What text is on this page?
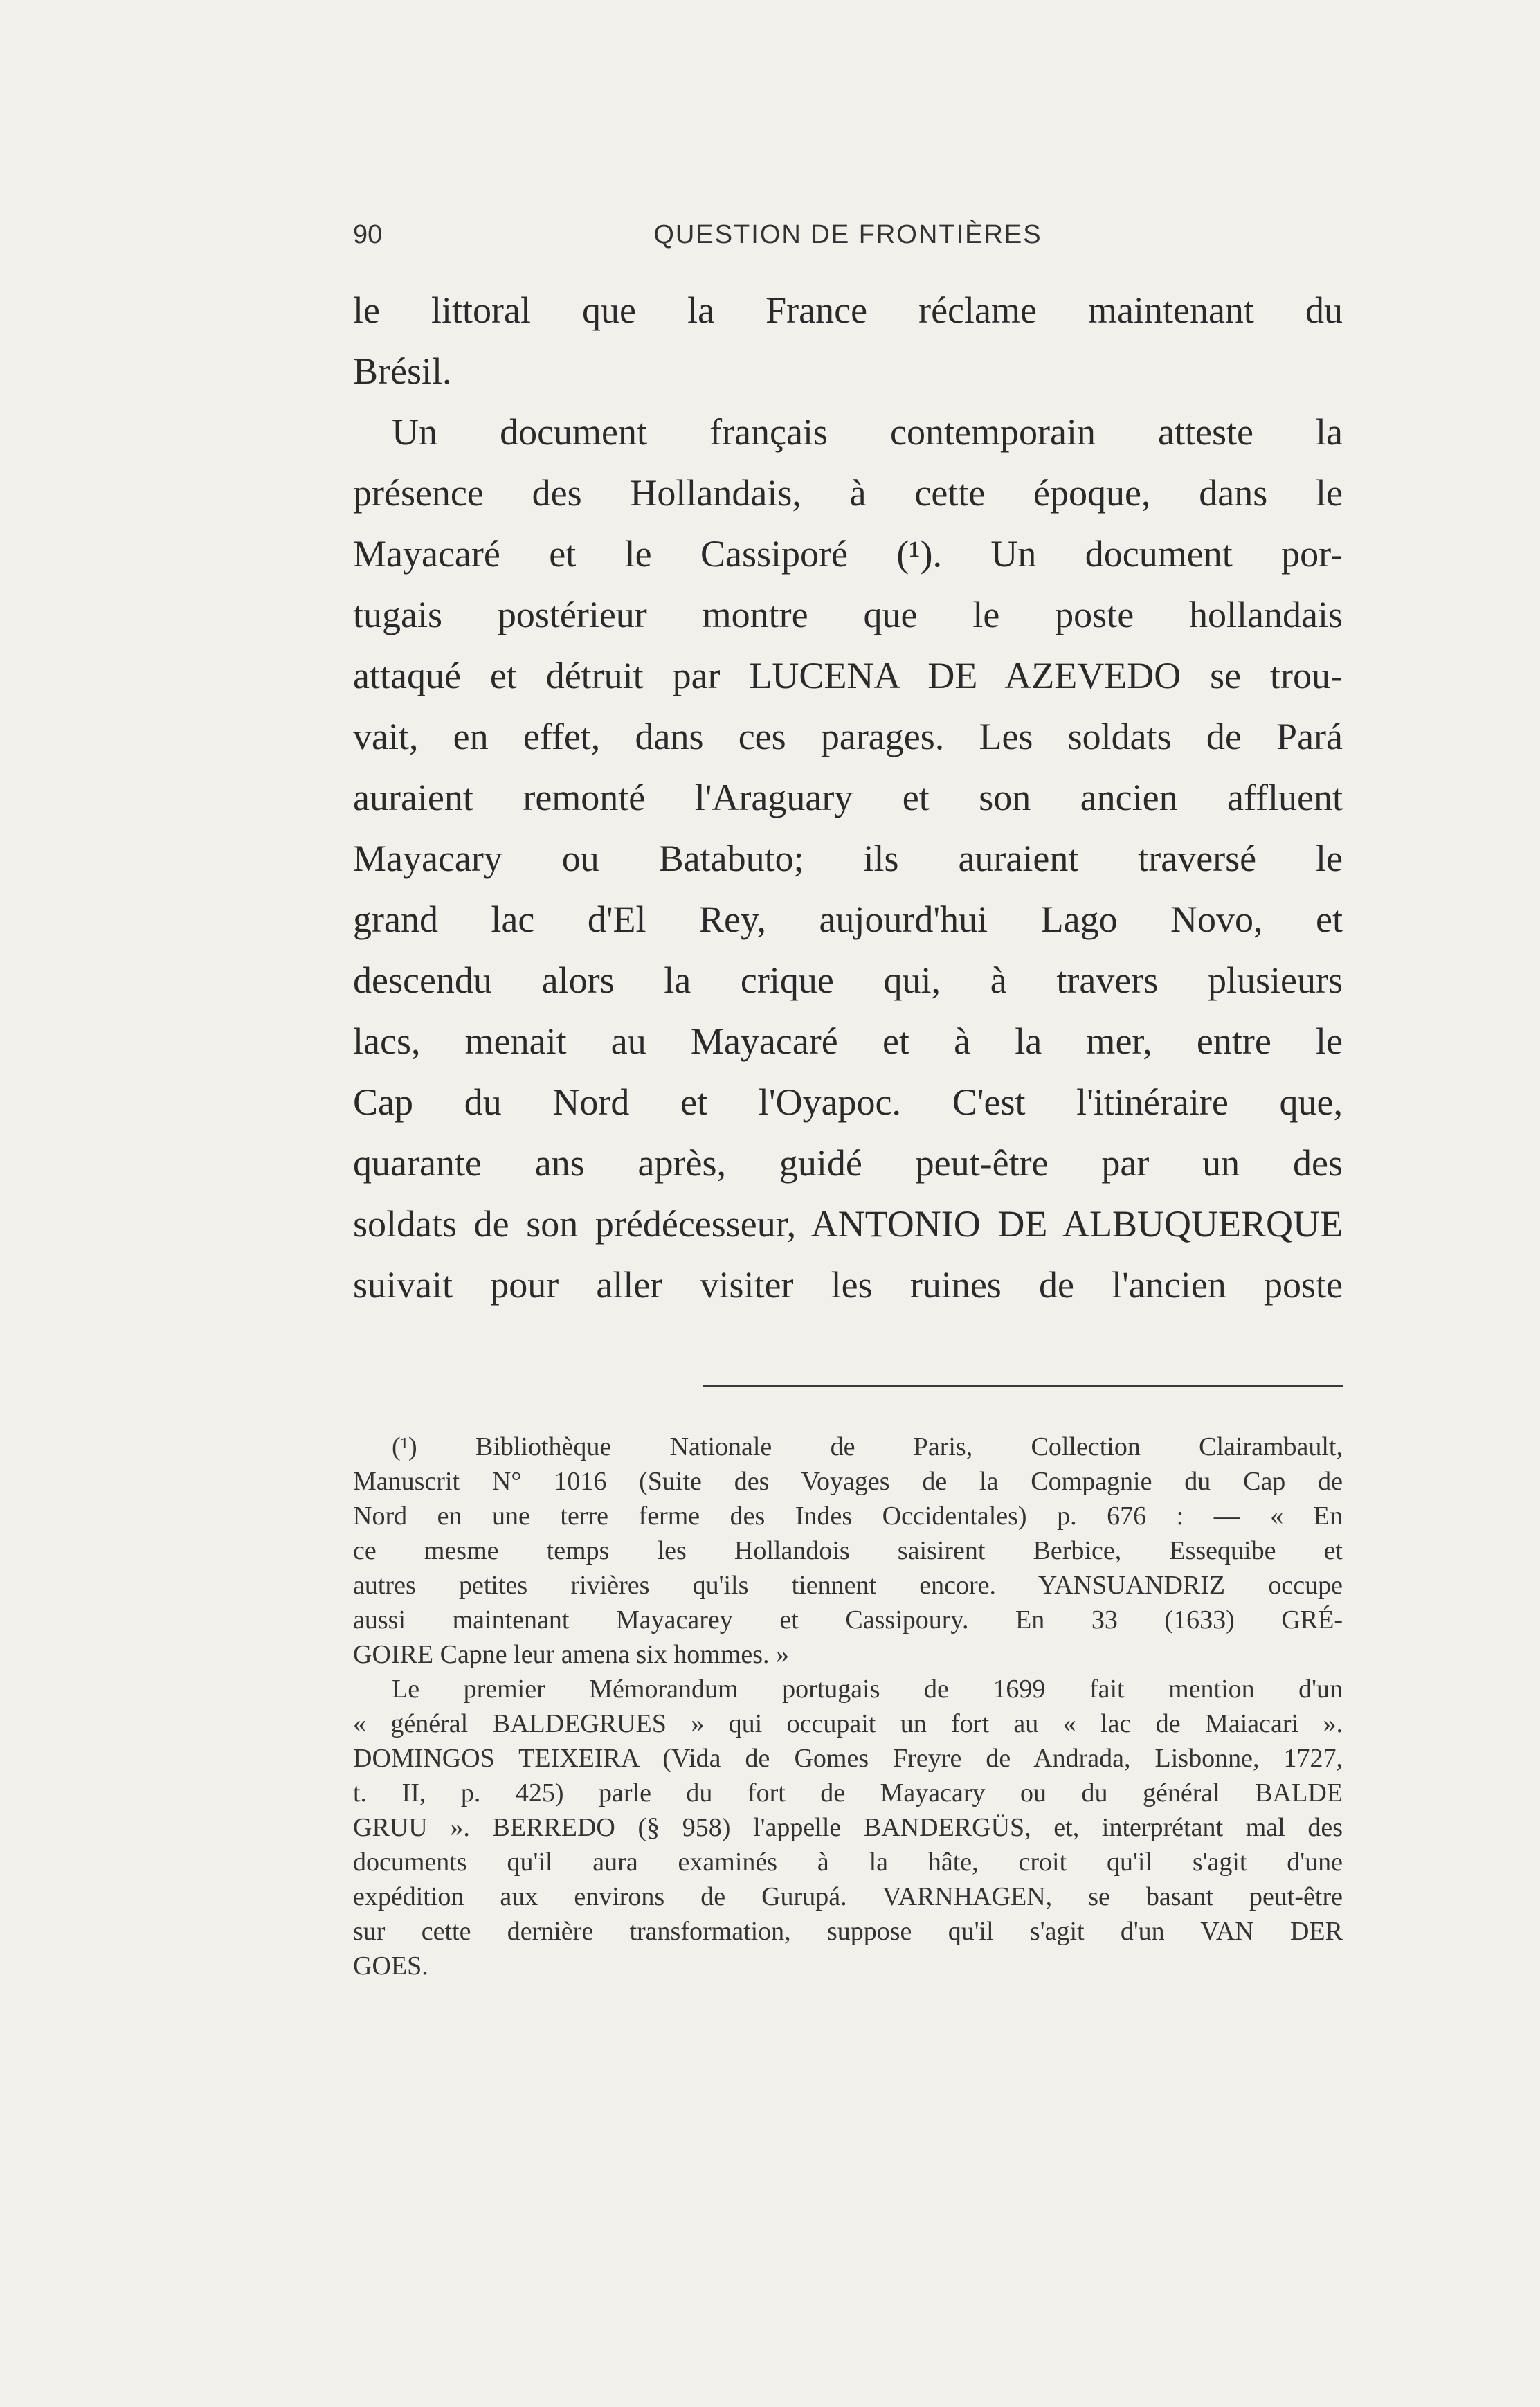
90	QUESTION DE FRONTIÈRES
le littoral que la France réclame maintenant du
Brésil.
Un document français contemporain atteste la
présence des Hollandais, à cette époque, dans le
Mayacaré et le Cassiporé (¹). Un document por-
tugais postérieur montre que le poste hollandais
attaqué et détruit par LUCENA DE AZEVEDO se trou-
vait, en effet, dans ces parages. Les soldats de Pará
auraient remonté l'Araguary et son ancien affluent
Mayacary ou Batabuto; ils auraient traversé le
grand lac d'El Rey, aujourd'hui Lago Novo, et
descendu alors la crique qui, à travers plusieurs
lacs, menait au Mayacaré et à la mer, entre le
Cap du Nord et l'Oyapoc. C'est l'itinéraire que,
quarante ans après, guidé peut-être par un des
soldats de son prédécesseur, ANTONIO DE ALBUQUERQUE
suivait pour aller visiter les ruines de l'ancien poste
(¹) Bibliothèque Nationale de Paris, Collection Clairambault,
Manuscrit N° 1016 (Suite des Voyages de la Compagnie du Cap de
Nord en une terre ferme des Indes Occidentales) p. 676 : — « En
ce mesme temps les Hollandois saisirent Berbice, Essequibe et
autres petites rivières qu'ils tiennent encore. YANSUANDRIZ occupe
aussi maintenant Mayacarey et Cassipoury. En 33 (1633) GRÉ-
GOIRE Capne leur amena six hommes. »
Le premier Mémorandum portugais de 1699 fait mention d'un
« général BALDEGRUES » qui occupait un fort au « lac de Maiacari ».
DOMINGOS TEIXEIRA (Vida de Gomes Freyre de Andrada, Lisbonne, 1727,
t. II, p. 425) parle du fort de Mayacary ou du général BALDE
GRUU ». BERREDO (§ 958) l'appelle BANDERGÜS, et, interprétant mal des
documents qu'il aura examinés à la hâte, croit qu'il s'agit d'une
expédition aux environs de Gurupá. VARNHAGEN, se basant peut-être
sur cette dernière transformation, suppose qu'il s'agit d'un VAN DER
GOES.
